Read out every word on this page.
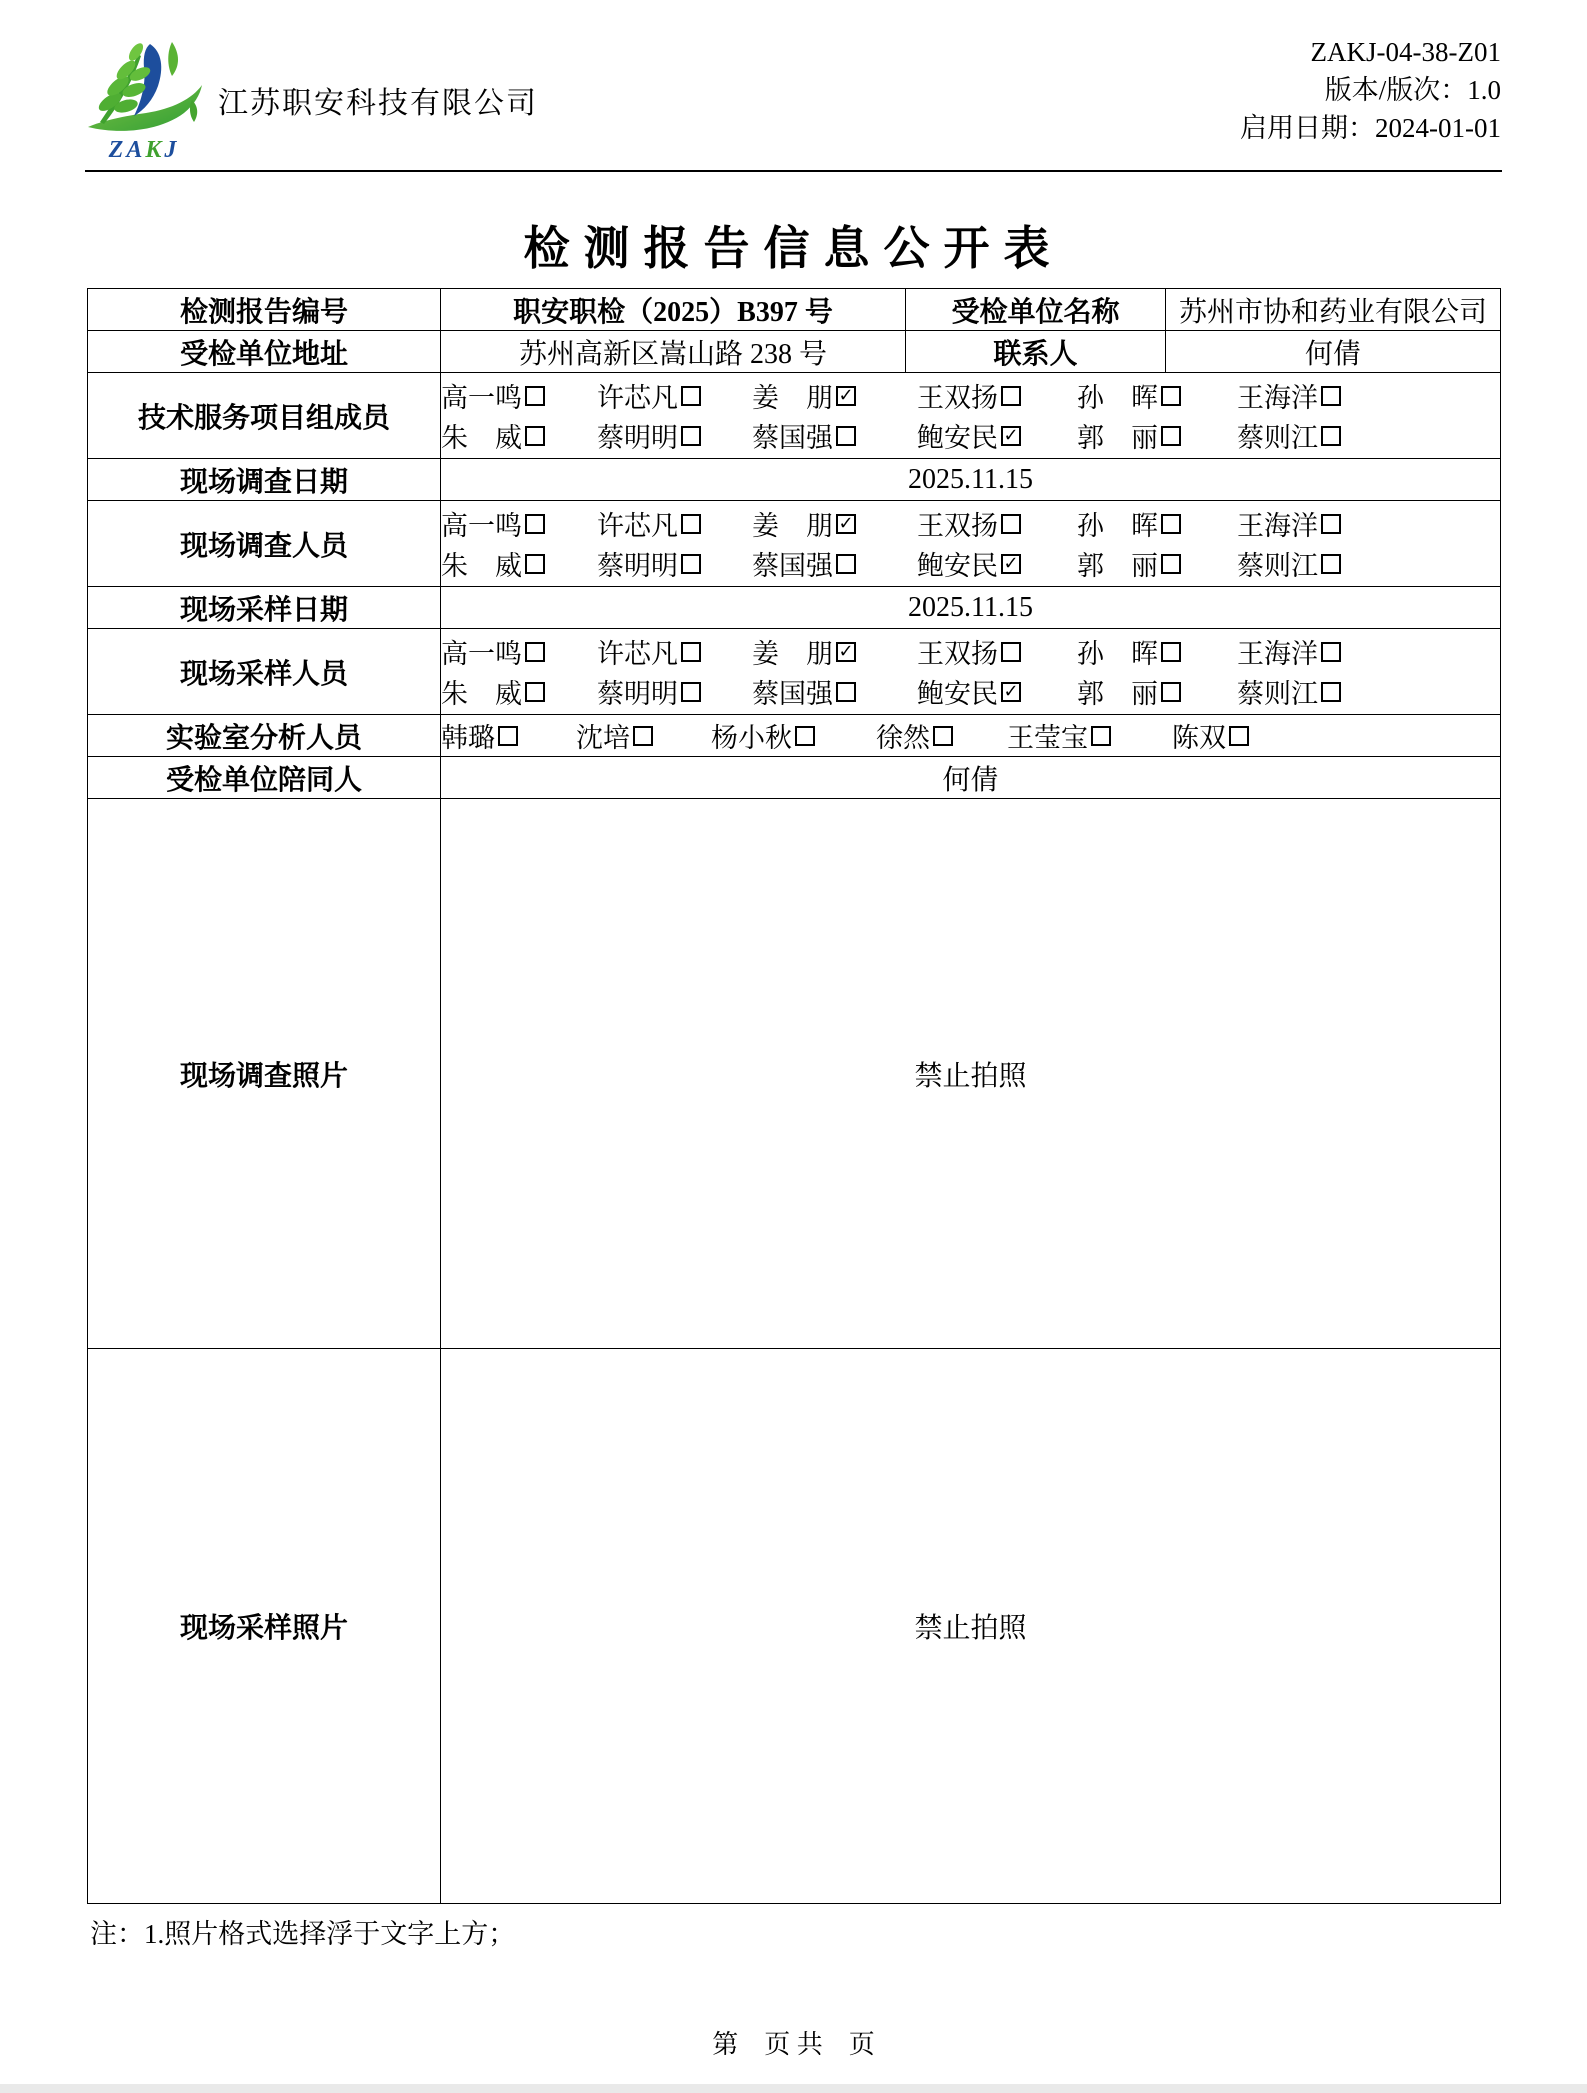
ZAKJ
江苏职安科技有限公司
ZAKJ-04-38-Z01
版本/版次：1.0
启用日期：2024-01-01
检测报告信息公开表
检测报告编号	职安职检（2025）B397 号	受检单位名称	苏州市协和药业有限公司
受检单位地址	苏州高新区嵩山路 238 号	联系人	何倩
技术服务项目组成员	
高一鸣	许芯凡	姜　朋 ✓ 王双扬	孙　晖	王海洋
朱　威	蔡明明	蔡国强	鲍安民 ✓ 郭　丽	蔡则江

现场调查日期	2025.11.15		
现场调查人员	
高一鸣	许芯凡	姜　朋 ✓ 王双扬	孙　晖	王海洋
朱　威	蔡明明	蔡国强	鲍安民 ✓ 郭　丽	蔡则江

现场采样日期	2025.11.15		
现场采样人员	
高一鸣	许芯凡	姜　朋 ✓ 王双扬	孙　晖	王海洋
朱　威	蔡明明	蔡国强	鲍安民 ✓ 郭　丽	蔡则江

实验室分析人员	韩璐	沈培	杨小秋	徐然	王莹宝	陈双

受检单位陪同人	何倩		
现场调查照片	禁止拍照		
现场采样照片	禁止拍照		
注：1.照片格式选择浮于文字上方；
第　页 共　页
